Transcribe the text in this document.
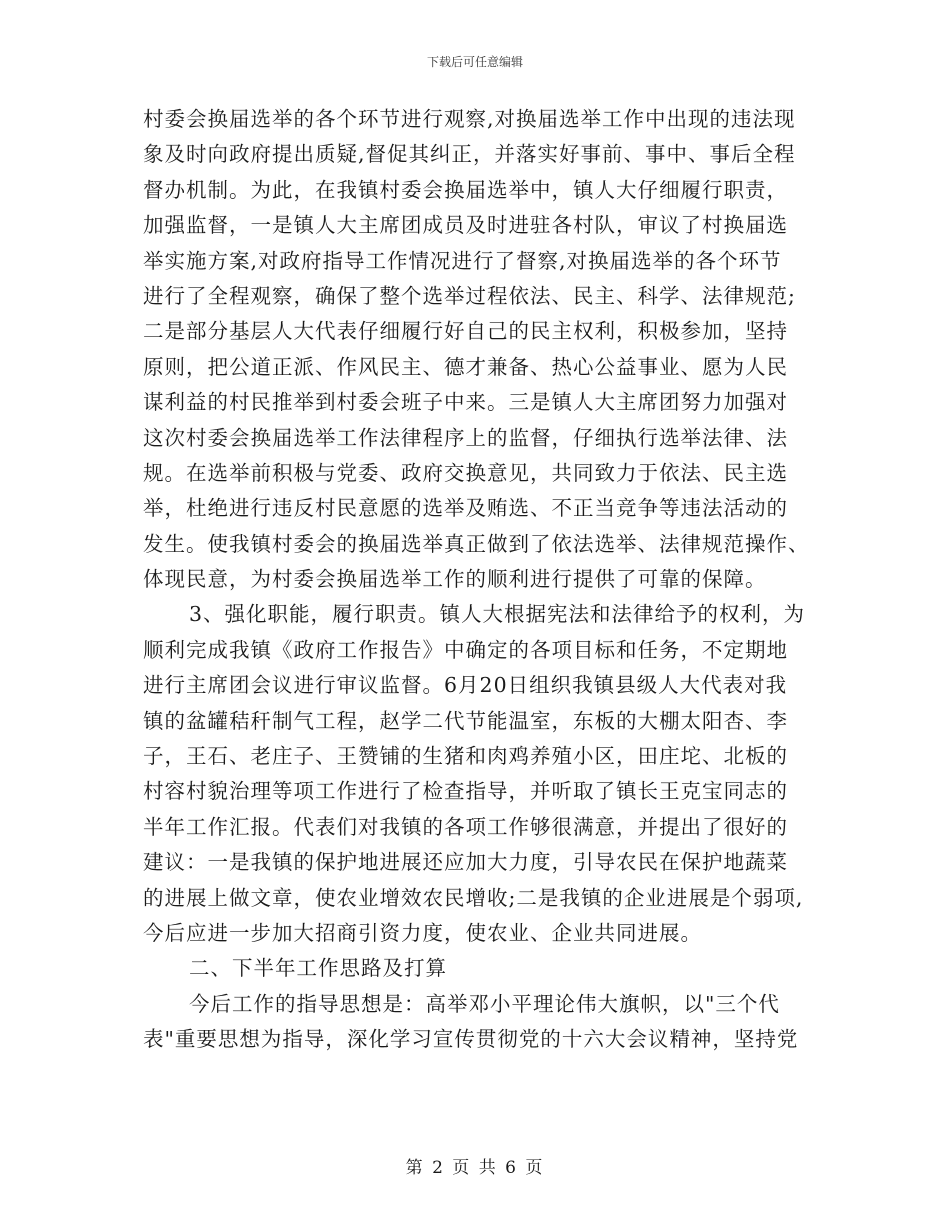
下载后可任意编辑
村委会换届选举的各个环节进行观察,对换届选举工作中出现的违法现
象及时向政府提出质疑,督促其纠正，并落实好事前、事中、事后全程
督办机制。为此，在我镇村委会换届选举中，镇人大仔细履行职责，
加强监督，一是镇人大主席团成员及时进驻各村队，审议了村换届选
举实施方案,对政府指导工作情况进行了督察,对换届选举的各个环节
进行了全程观察，确保了整个选举过程依法、民主、科学、法律规范;
二是部分基层人大代表仔细履行好自己的民主权利，积极参加，坚持
原则，把公道正派、作风民主、德才兼备、热心公益事业、愿为人民
谋利益的村民推举到村委会班子中来。三是镇人大主席团努力加强对
这次村委会换届选举工作法律程序上的监督，仔细执行选举法律、法
规。在选举前积极与党委、政府交换意见，共同致力于依法、民主选
举，杜绝进行违反村民意愿的选举及贿选、不正当竞争等违法活动的
发生。使我镇村委会的换届选举真正做到了依法选举、法律规范操作、
体现民意，为村委会换届选举工作的顺利进行提供了可靠的保障。
3、强化职能，履行职责。镇人大根据宪法和法律给予的权利，为
顺利完成我镇《政府工作报告》中确定的各项目标和任务，不定期地
进行主席团会议进行审议监督。6月20日组织我镇县级人大代表对我
镇的盆罐秸秆制气工程，赵学二代节能温室，东板的大棚太阳杏、李
子，王石、老庄子、王赞铺的生猪和肉鸡养殖小区，田庄坨、北板的
村容村貌治理等项工作进行了检查指导，并听取了镇长王克宝同志的
半年工作汇报。代表们对我镇的各项工作够很满意，并提出了很好的
建议：一是我镇的保护地进展还应加大力度，引导农民在保护地蔬菜
的进展上做文章，使农业增效农民增收;二是我镇的企业进展是个弱项,
今后应进一步加大招商引资力度，使农业、企业共同进展。
二、下半年工作思路及打算
今后工作的指导思想是：高举邓小平理论伟大旗帜，以"三个代
表"重要思想为指导，深化学习宣传贯彻党的十六大会议精神，坚持党
第 2 页 共 6 页
